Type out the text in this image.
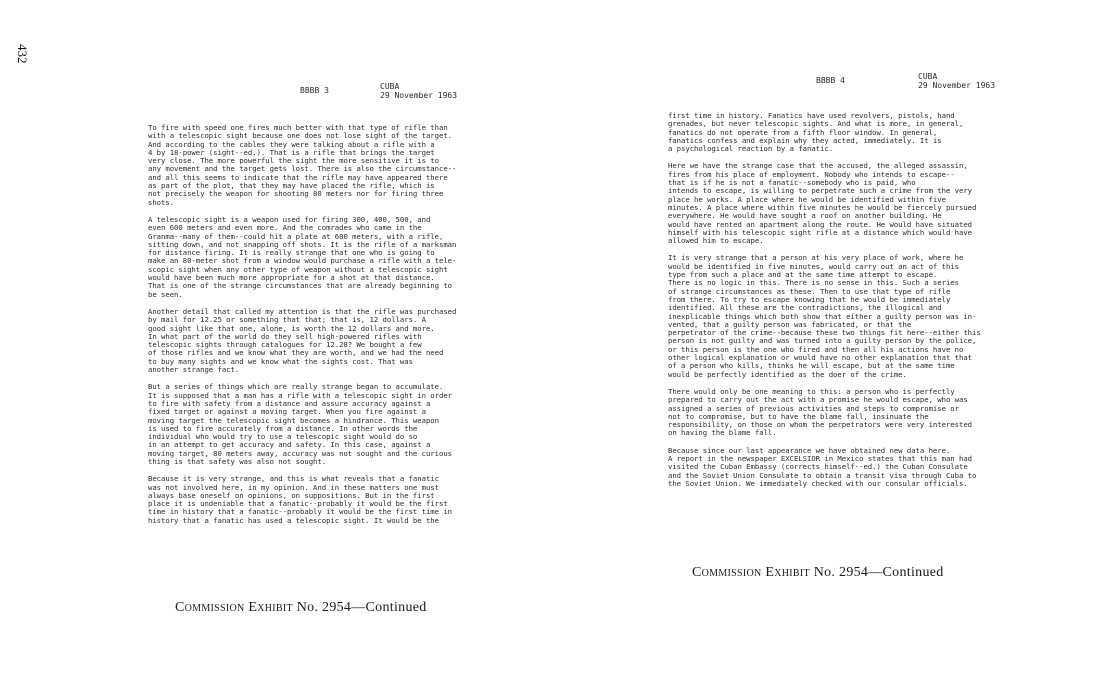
432
BBBB 3	CUBA
29 November 1963

To fire with speed one fires much better with that type of rifle than
with a telescopic sight because one does not lose sight of the target.
And according to the cables they were talking about a rifle with a
4 by 18-power (sight--ed.). That is a rifle that brings the target
very close. The more powerful the sight the more sensitive it is to
any movement and the target gets lost. There is also the circumstance--
and all this seems to indicate that the rifle may have appeared there
as part of the plot, that they may have placed the rifle, which is
not precisely the weapon for shooting 80 meters nor for firing three
shots.

A telescopic sight is a weapon used for firing 300, 400, 500, and
even 600 meters and even more. And the comrades who came in the
Granma--many of them--could hit a plate at 600 meters, with a rifle,
sitting down, and not snapping off shots. It is the rifle of a marksman
for distance firing. It is really strange that one who is going to
make an 80-meter shot from a window would purchase a rifle with a tele-
scopic sight when any other type of weapon without a telescopic sight
would have been much more appropriate for a shot at that distance.
That is one of the strange circumstances that are already beginning to
be seen.

Another detail that called my attention is that the rifle was purchased
by mail for 12.25 or something that that; that is, 12 dollars. A
good sight like that one, alone, is worth the 12 dollars and more.
In what part of the world do they sell high-powered rifles with
telescopic sights through catalogues for 12.28? We bought a few
of those rifles and we know what they are worth, and we had the need
to buy many sights and we know what the sights cost. That was
another strange fact.

But a series of things which are really strange began to accumulate.
It is supposed that a man has a rifle with a telescopic sight in order
to fire with safety from a distance and assure accuracy against a
fixed target or against a moving target. When you fire against a
moving target the telescopic sight becomes a hindrance. This weapon
is used to fire accurately from a distance. In other words the
individual who would try to use a telescopic sight would do so
in an attempt to get accuracy and safety. In this case, against a
moving target, 80 meters away, accuracy was not sought and the curious
thing is that safety was also not sought.

Because it is very strange, and this is what reveals that a fanatic
was not involved here, in my opinion. And in these matters one must
always base oneself on opinions, on suppositions. But in the first
place it is undeniable that a fanatic--probably it would be the first
time in history that a fanatic--probably it would be the first time in
history that a fanatic has used a telescopic sight. It would be the

Commission Exhibit No. 2954—Continued
BBBB 4	CUBA
29 November 1963

first time in history. Fanatics have used revolvers, pistols, hand
grenades, but never telescopic sights. And what is more, in general,
fanatics do not operate from a fifth floor window. In general,
fanatics confess and explain why they acted, immediately. It is
a psychological reaction by a fanatic.

Here we have the strange case that the accused, the alleged assassin,
fires from his place of employment. Nobody who intends to escape--
that is if he is not a fanatic--somebody who is paid, who
intends to escape, is willing to perpetrate such a crime from the very
place he works. A place where he would be identified within five
minutes. A place where within five minutes he would be fiercely pursued
everywhere. He would have sought a roof on another building. He
would have rented an apartment along the route. He would have situated
himself with his telescopic sight rifle at a distance which would have
allowed him to escape.

It is very strange that a person at his very place of work, where he
would be identified in five minutes, would carry out an act of this
type from such a place and at the same time attempt to escape.
There is no logic in this. There is no sense in this. Such a series
of strange circumstances as these. Then to use that type of rifle
from there. To try to escape knowing that he would be immediately
identified. All these are the contradictions, the illogical and
inexplicable things which both show that either a guilty person was in-
vented, that a guilty person was fabricated, or that the
perpetrator of the crime--because these two things fit here--either this
person is not guilty and was turned into a guilty person by the police,
or this person is the one who fired and then all his actions have no
other logical explanation or would have no other explanation that that
of a person who kills, thinks he will escape, but at the same time
would be perfectly identified as the doer of the crime.

There would only be one meaning to this: a person who is perfectly
prepared to carry out the act with a promise he would escape, who was
assigned a series of previous activities and steps to compromise or
not to compromise, but to have the blame fall, insinuate the
responsibility, on those on whom the perpetrators were very interested
on having the blame fall.

Because since our last appearance we have obtained new data here.
A report in the newspaper EXCELSIOR in Mexico states that this man had
visited the Cuban Embassy (corrects himself--ed.) the Cuban Consulate
and the Soviet Union Consulate to obtain a transit visa through Cuba to
the Soviet Union. We immediately checked with our consular officials.

Commission Exhibit No. 2954—Continued
